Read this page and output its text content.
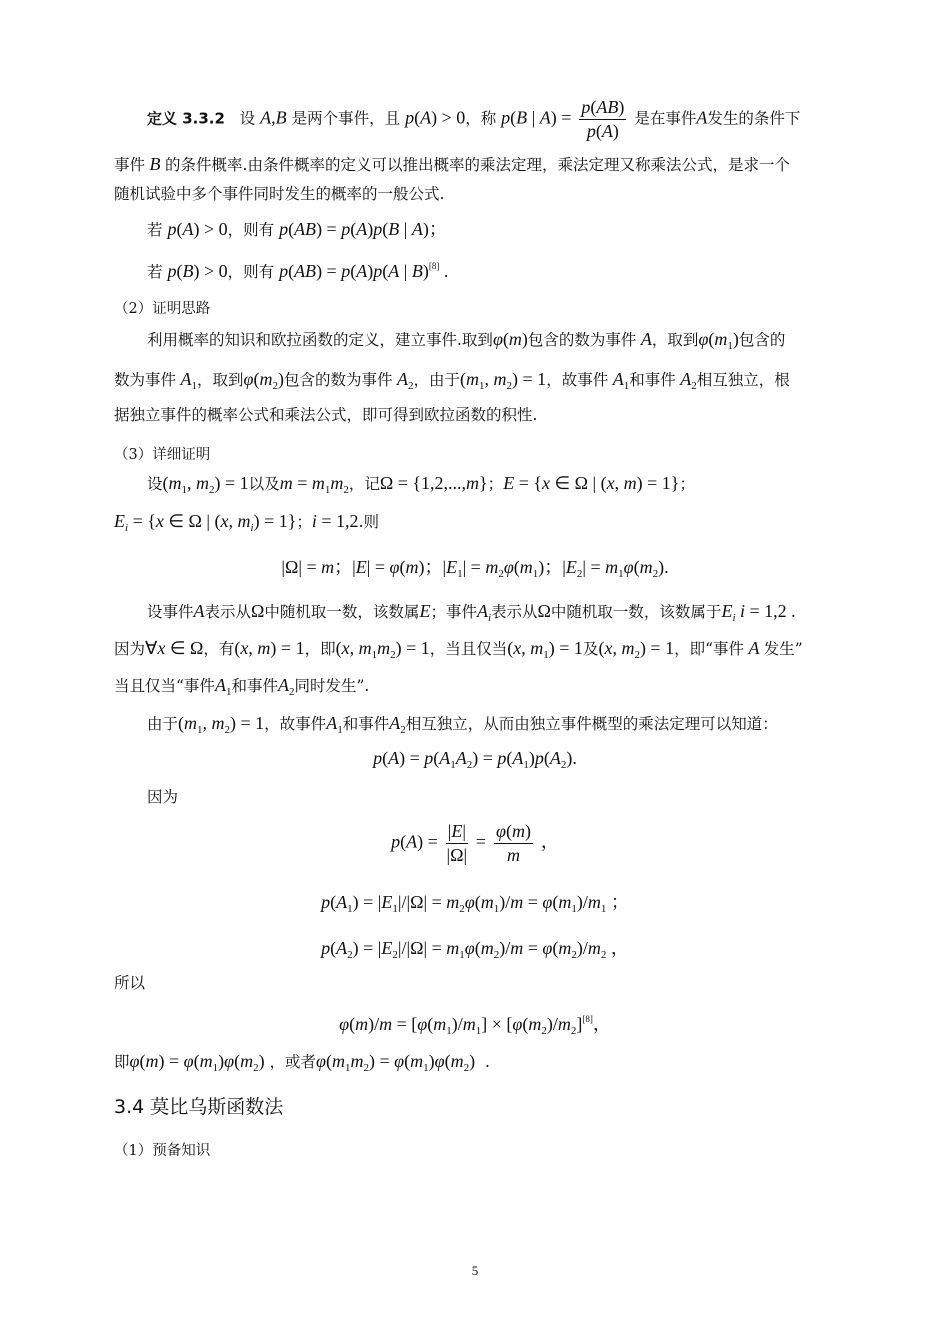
定义 3.3.2 设 A,B 是两个事件，且 p(A) > 0，称 p(B | $A) = \frac{p(AB)}{p(A)}$ 是在事件A发生的条件下
事件 B 的条件概率.由条件概率的定义可以推出概率的乘法定理，乘法定理又称乘法公式，是求一个
随机试验中多个事件同时发生的概率的一般公式.
若 p(A) > 0，则有 p(AB) = p(A)p(B | A)；
若 p(B) > 0，则有 p(AB) = p(A)p(A | B)[8] .
（2）证明思路
利用概率的知识和欧拉函数的定义，建立事件.取到φ(m)包含的数为事件 A，取到$\varphi(m_1)$包含的
数为事件 $A_1$，取到$\varphi(m_2)$包含的数为事件 $A_2$，由于($m_1$, $m_2) = 1$，故事件 $A_1$和事件 $A_2$相互独立，根
据独立事件的概率公式和乘法公式，即可得到欧拉函数的积性.
（3）详细证明
设($m_1$, $m_2) = 1$以及$m = m_1m_2$，记Ω = {1,2,...,m}；E = {x ∈ Ω | (x, m) = 1}；
$E_i = \{x$ ∈ Ω | (x, $m_i) = 1$}；i = 1,2.则
|Ω| = m；|E| = φ(m)；$|E_1| = m_2\varphi(m_1)$；$|E_2| = m_1\varphi(m_2)$.
设事件A表示从Ω中随机取一数，该数属E；事件$A_i$表示从Ω中随机取一数，该数属于$E_i$ i = 1,2 .
因为∀x ∈ Ω，有(x, m) = 1，即(x, $m_1m_2) = 1$，当且仅当(x, $m_1) = 1$及(x, $m_2) = 1$，即“事件 A 发生”
当且仅当“事件$A_1$和事件$A_2$同时发生”.
由于($m_1$, $m_2) = 1$，故事件$A_1$和事件$A_2$相互独立，从而由独立事件概型的乘法定理可以知道：
$p(A) = p(A_1A_2) = p(A_1)p(A_2)$.
因为
$p(A) = \frac{|E|}{|\Omega|} = \frac{\varphi(m)}{m}$ ，
$p(A_1) = |E_1|/|\Omega| = m_2\varphi(m_1)/m = \varphi(m_1)/m_1$ ；
$p(A_2) = |E_2|/|\Omega| = m_1\varphi(m_2)/m = \varphi(m_2)/m_2$ ，
所以
$\varphi(m)/m = [\varphi(m_1)/m_1] \times [\varphi(m_2)/m_2][8]$，
即$\varphi(m) = \varphi(m_1)\varphi(m_2)$ ，或者$\varphi(m_1m_2) = \varphi(m_1)\varphi(m_2)$ .
3.4 莫比乌斯函数法
（1）预备知识
5
